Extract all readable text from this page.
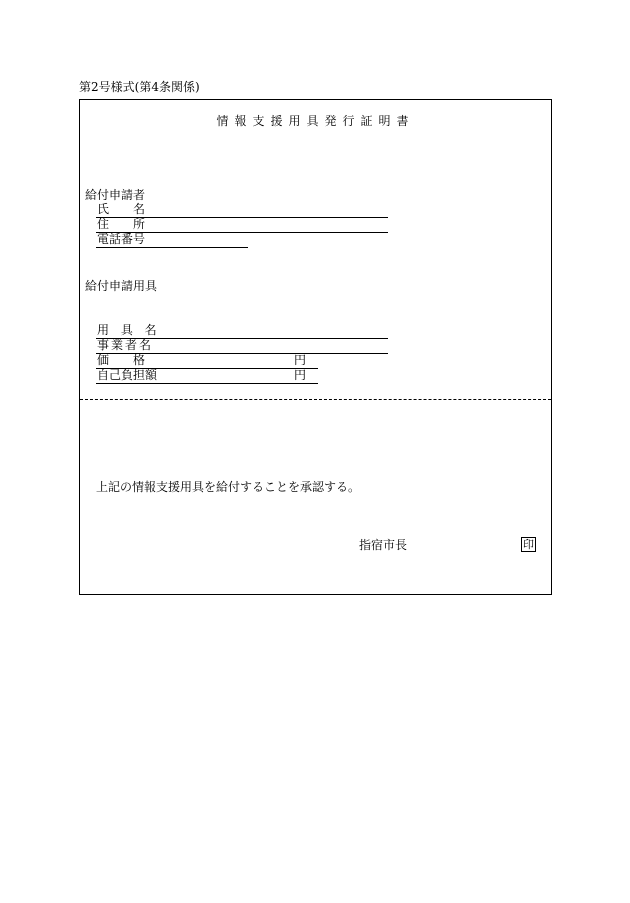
第2号様式(第4条関係)
情報支援用具発行証明書
給付申請者
氏　　名
住　　所
電話番号
給付申請用具
用 具 名
事業者名
価　　格	円
自己負担額	円
上記の情報支援用具を給付することを承認する。
指宿市長	印
